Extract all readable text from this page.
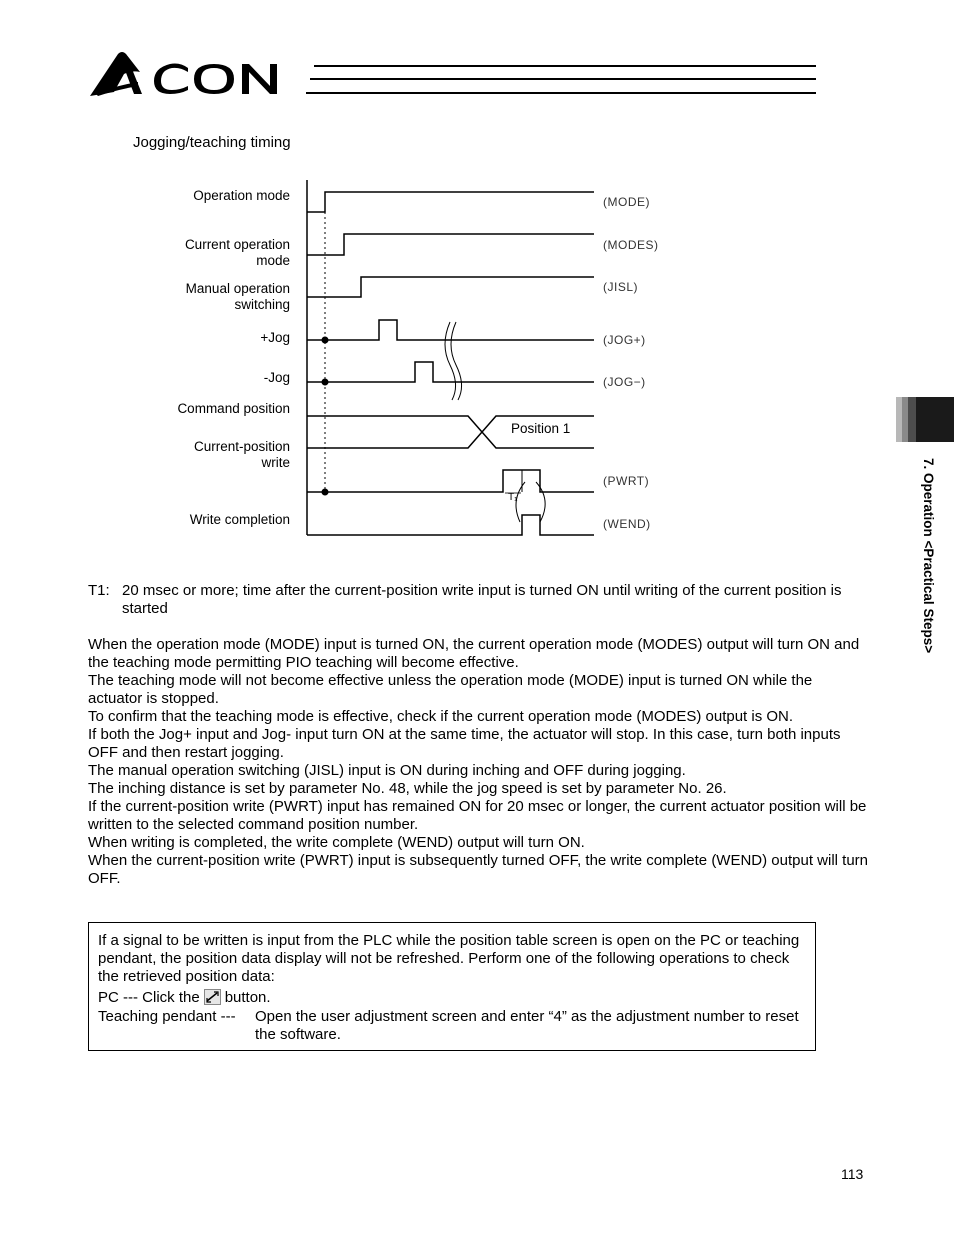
Jogging/teaching timing
Operation mode
Current operation
mode
Manual operation
switching
+Jog
-Jog
Command position
Current-position
write
Write completion
(MODE)
(MODES)
(JISL)
(JOG+)
(JOG−)
(PWRT)
(WEND)
Position 1
T₁
T1: 20 msec or more; time after the current-position write input is turned ON until writing of the current position is started

When the operation mode (MODE) input is turned ON, the current operation mode (MODES) output will turn ON and the teaching mode permitting PIO teaching will become effective.

The teaching mode will not become effective unless the operation mode (MODE) input is turned ON while the actuator is stopped.

To confirm that the teaching mode is effective, check if the current operation mode (MODES) output is ON.

If both the Jog+ input and Jog- input turn ON at the same time, the actuator will stop. In this case, turn both inputs OFF and then restart jogging.

The manual operation switching (JISL) input is ON during inching and OFF during jogging.

The inching distance is set by parameter No. 48, while the jog speed is set by parameter No. 26.

If the current-position write (PWRT) input has remained ON for 20 msec or longer, the current actuator position will be written to the selected command position number.

When writing is completed, the write complete (WEND) output will turn ON.

When the current-position write (PWRT) input is subsequently turned OFF, the write complete (WEND) output will turn OFF.

If a signal to be written is input from the PLC while the position table screen is open on the PC or teaching pendant, the position data display will not be refreshed. Perform one of the following operations to check the retrieved position data:

PC --- Click the button.
Teaching pendant ---	Open the user adjustment screen and enter “4” as the adjustment number to reset the software.
7. Operation <Practical Steps>
113
